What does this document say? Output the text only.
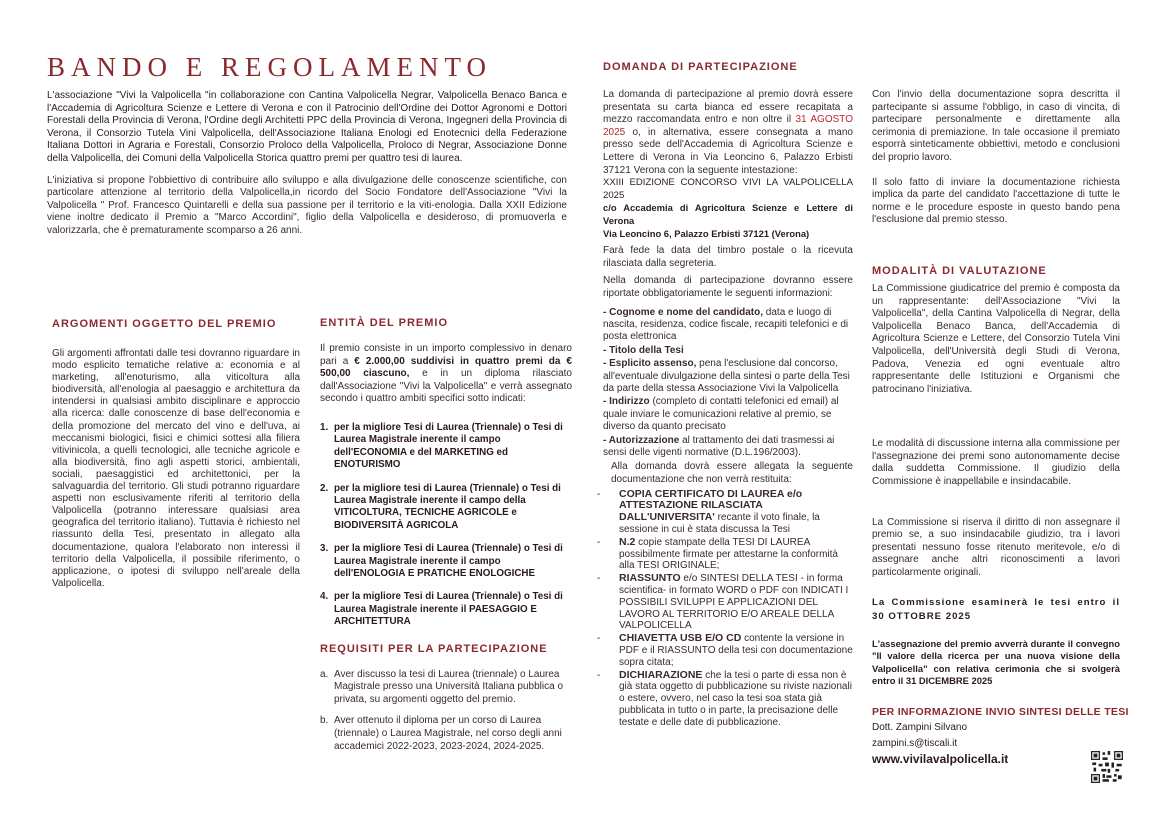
BANDO E REGOLAMENTO

L'associazione "Vivi la Valpolicella "in collaborazione con Cantina Valpolicella Negrar, Valpolicella Benaco Banca e l'Accademia di Agricoltura Scienze e Lettere di Verona e con il Patrocinio dell'Ordine dei Dottor Agronomi e Dottori Forestali della Provincia di Verona, l'Ordine degli Architetti PPC della Provincia di Verona, Ingegneri della Provincia di Verona, il Consorzio Tutela Vini Valpolicella, dell'Associazione Italiana Enologi ed Enotecnici della Federazione Italiana Dottori in Agraria e Forestali, Consorzio Proloco della Valpolicella, Proloco di Negrar, Associazione Donne della Valpolicella, dei Comuni della Valpolicella Storica quattro premi per quattro tesi di laurea.

L'iniziativa si propone l'obbiettivo di contribuire allo sviluppo e alla divulgazione delle conoscenze scientifiche, con particolare attenzione al territorio della Valpolicella,in ricordo del Socio Fondatore dell'Associazione "Vivi la Valpolicella " Prof. Francesco Quintarelli e della sua passione per il territorio e la viti-enologia. Dalla XXII Edizione viene inoltre dedicato il Premio a "Marco Accordini", figlio della Valpolicella e desideroso, di promuoverla e valorizzarla, che è prematuramente scomparso a 26 anni.

ARGOMENTI OGGETTO DEL PREMIO

Gli argomenti affrontati dalle tesi dovranno riguardare in modo esplicito tematiche relative a: economia e al marketing, all'enoturismo, alla viticoltura alla biodiversità, all'enologia al paesaggio e architettura da intendersi in qualsiasi ambito disciplinare e approccio alla ricerca: dalle conoscenze di base dell'economia e della promozione del mercato del vino e dell'uva, ai meccanismi biologici, fisici e chimici sottesi alla filiera vitivinicola, a quelli tecnologici, alle tecniche agricole e alla biodiversità, fino agli aspetti storici, ambientali, sociali, paesaggistici ed architettonici, per la salvaguardia del territorio. Gli studi potranno riguardare aspetti non esclusivamente riferiti al territorio della Valpolicella (potranno interessare qualsiasi area geografica del territorio italiano). Tuttavia è richiesto nel riassunto della Tesi, presentato in allegato alla documentazione, qualora l'elaborato non interessi il territorio della Valpolicella, il possibile riferimento, o applicazione, o ipotesi di sviluppo nell'areale della Valpolicella.

ENTITÀ DEL PREMIO

Il premio consiste in un importo complessivo in denaro pari a € 2.000,00 suddivisi in quattro premi da € 500,00 ciascuno, e in un diploma rilasciato dall'Associazione "Vivi la Valpolicella" e verrà assegnato secondo i quattro ambiti specifici sotto indicati:

1. per la migliore Tesi di Laurea (Triennale) o Tesi di Laurea Magistrale inerente il campo dell'ECONOMIA e del MARKETING ed ENOTURISMO
2. per la migliore tesi di Laurea (Triennale) o Tesi di Laurea Magistrale inerente il campo della VITICOLTURA, TECNICHE AGRICOLE e BIODIVERSITÀ AGRICOLA
3. per la migliore Tesi di Laurea (Triennale) o Tesi di Laurea Magistrale inerente il campo dell'ENOLOGIA E PRATICHE ENOLOGICHE
4. per la migliore Tesi di Laurea (Triennale) o Tesi di Laurea Magistrale inerente il PAESAGGIO E ARCHITETTURA
REQUISITI PER LA PARTECIPAZIONE
a. Aver discusso la tesi di Laurea (triennale) o Laurea Magistrale presso una Università Italiana pubblica o privata, su argomenti oggetto del premio.
b. Aver ottenuto il diploma per un corso di Laurea (triennale) o Laurea Magistrale, nel corso degli anni accademici 2022-2023, 2023-2024, 2024-2025.
DOMANDA DI PARTECIPAZIONE

La domanda di partecipazione al premio dovrà essere presentata su carta bianca ed essere recapitata a mezzo raccomandata entro e non oltre il 31 AGOSTO 2025 o, in alternativa, essere consegnata a mano presso sede dell'Accademia di Agricoltura Scienze e Lettere di Verona in Via Leoncino 6, Palazzo Erbisti 37121 Verona con la seguente intestazione:

XXIII EDIZIONE CONCORSO VIVI LA VALPOLICELLA 2025

c/o Accademia di Agricoltura Scienze e Lettere di Verona

Via Leoncino 6, Palazzo Erbisti 37121 (Verona)

Farà fede la data del timbro postale o la ricevuta rilasciata dalla segreteria.

Nella domanda di partecipazione dovranno essere riportate obbligatoriamente le seguenti informazioni:

- Cognome e nome del candidato, data e luogo di nascita, residenza, codice fiscale, recapiti telefonici e di posta elettronica
- Titolo della Tesi
- Esplicito assenso, pena l'esclusione dal concorso, all'eventuale divulgazione della sintesi o parte della Tesi da parte della stessa Associazione Vivi la Valpolicella
- Indirizzo (completo di contatti telefonici ed email) al quale inviare le comunicazioni relative al premio, se diverso da quanto precisato
- Autorizzazione al trattamento dei dati trasmessi ai sensi delle vigenti normative (D.L.196/2003).

Alla domanda dovrà essere allegata la seguente documentazione che non verrà restituita:

-	COPIA CERTIFICATO DI LAUREA e/o ATTESTAZIONE RILASCIATA DALL'UNIVERSITA' recante il voto finale, la sessione in cui è stata discussa la Tesi
-	N.2 copie stampate della TESI DI LAUREA possibilmente firmate per attestarne la conformità alla TESI ORIGINALE;
-	RIASSUNTO e/o SINTESI DELLA TESI - in forma scientifica- in formato WORD o PDF con INDICATI I POSSIBILI SVILUPPI E APPLICAZIONI DEL LAVORO AL TERRITORIO E/O AREALE DELLA VALPOLICELLA
-	CHIAVETTA USB E/O CD contente la versione in PDF e il RIASSUNTO della tesi con documentazione sopra citata;
-	DICHIARAZIONE che la tesi o parte di essa non è già stata oggetto di pubblicazione su riviste nazionali o estere, ovvero, nel caso la tesi soa stata già pubblicata in tutto o in parte, la precisazione delle testate e delle date di pubblicazione.

Con l'invio della documentazione sopra descritta il partecipante si assume l'obbligo, in caso di vincita, di partecipare personalmente e direttamente alla cerimonia di premiazione. In tale occasione il premiato esporrà sinteticamente obbiettivi, metodo e conclusioni del proprio lavoro.

Il solo fatto di inviare la documentazione richiesta implica da parte del candidato l'accettazione di tutte le norme e le procedure esposte in questo bando pena l'esclusione dal premio stesso.

MODALITÀ DI VALUTAZIONE

La Commissione giudicatrice del premio è composta da un rappresentante: dell'Associazione "Vivi la Valpolicella", della Cantina Valpolicella di Negrar, della Valpolicella Benaco Banca, dell'Accademia di Agricoltura Scienze e Lettere, del Consorzio Tutela Vini Valpolicella, dell'Università degli Studi di Verona, Padova, Venezia ed ogni eventuale altro rappresentante delle Istituzioni e Organismi che patrocinano l'iniziativa.

Le modalità di discussione interna alla commissione per l'assegnazione dei premi sono autonomamente decise dalla suddetta Commissione. Il giudizio della Commissione è inappellabile e insindacabile.

La Commissione si riserva il diritto di non assegnare il premio se, a suo insindacabile giudizio, tra i lavori presentati nessuno fosse ritenuto meritevole, e/o di assegnare anche altri riconoscimenti a lavori particolarmente originali.

La Commissione esaminerà le tesi entro il 30 OTTOBRE 2025

L'assegnazione del premio avverrà durante il convegno "Il valore della ricerca per una nuova visione della Valpolicella" con relativa cerimonia che si svolgerà entro il 31 DICEMBRE 2025

PER INFORMAZIONE INVIO SINTESI DELLE TESI

Dott. Zampini Silvano

zampini.s@tiscali.it

www.vivilavalpolicella.it
